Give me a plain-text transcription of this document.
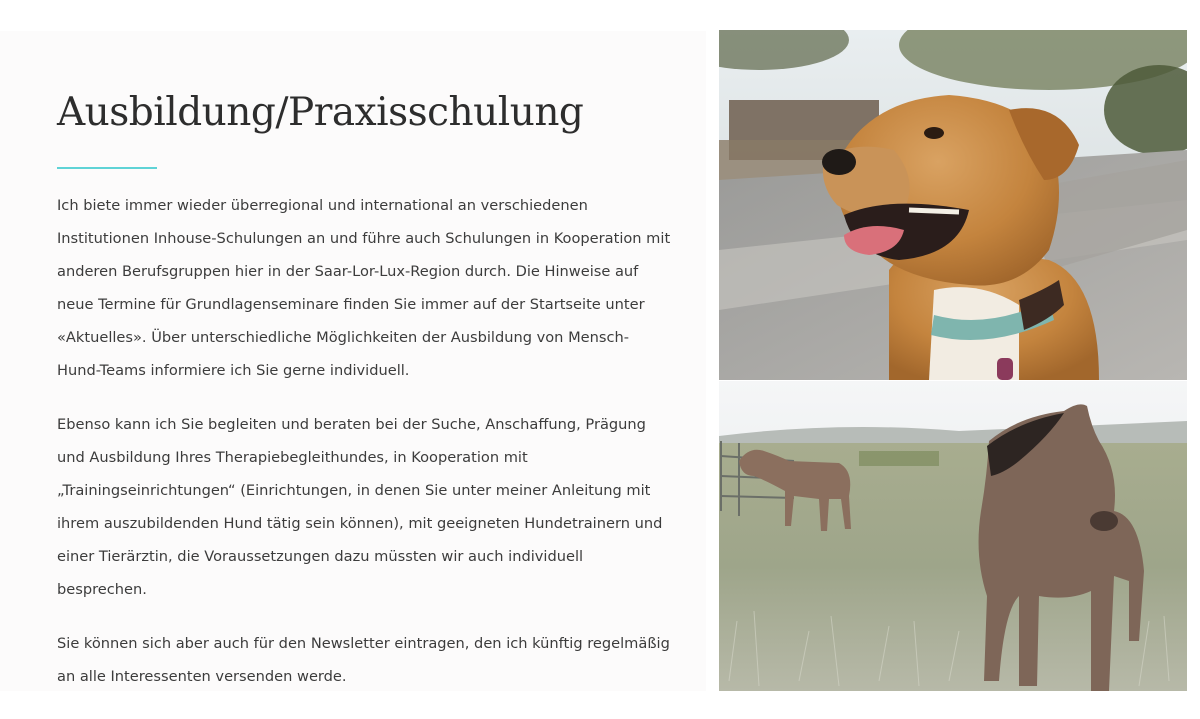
Ausbildung/Praxisschulung

Ich biete immer wieder überregional und international an verschiedenen Institutionen Inhouse-Schulungen an und führe auch Schulungen in Kooperation mit anderen Berufsgruppen hier in der Saar-Lor-Lux-Region durch. Die Hinweise auf neue Termine für Grundlagenseminare finden Sie immer auf der Startseite unter «Aktuelles». Über unterschiedliche Möglichkeiten der Ausbildung von Mensch-Hund-Teams informiere ich Sie gerne individuell.

Ebenso kann ich Sie begleiten und beraten bei der Suche, Anschaffung, Prägung und Ausbildung Ihres Therapiebegleithundes, in Kooperation mit „Trainingseinrichtungen“ (Einrichtungen, in denen Sie unter meiner Anleitung mit ihrem auszubildenden Hund tätig sein können), mit geeigneten Hundetrainern und einer Tierärztin, die Voraussetzungen dazu müssten wir auch individuell besprechen.

Sie können sich aber auch für den Newsletter eintragen, den ich künftig regelmäßig an alle Interessenten versenden werde.
